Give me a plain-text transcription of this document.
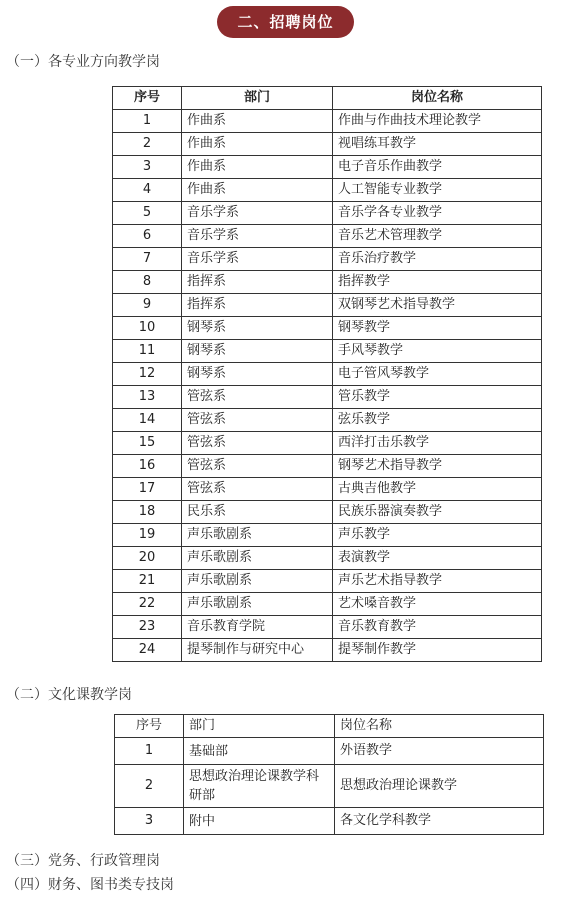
二、招聘岗位
（一）各专业方向教学岗
序号	部门	岗位名称
1	作曲系	作曲与作曲技术理论教学
2	作曲系	视唱练耳教学
3	作曲系	电子音乐作曲教学
4	作曲系	人工智能专业教学
5	音乐学系	音乐学各专业教学
6	音乐学系	音乐艺术管理教学
7	音乐学系	音乐治疗教学
8	指挥系	指挥教学
9	指挥系	双钢琴艺术指导教学
10	钢琴系	钢琴教学
11	钢琴系	手风琴教学
12	钢琴系	电子管风琴教学
13	管弦系	管乐教学
14	管弦系	弦乐教学
15	管弦系	西洋打击乐教学
16	管弦系	钢琴艺术指导教学
17	管弦系	古典吉他教学
18	民乐系	民族乐器演奏教学
19	声乐歌剧系	声乐教学
20	声乐歌剧系	表演教学
21	声乐歌剧系	声乐艺术指导教学
22	声乐歌剧系	艺术嗓音教学
23	音乐教育学院	音乐教育教学
24	提琴制作与研究中心	提琴制作教学
（二）文化课教学岗
序号	部门	岗位名称
1	基础部	外语教学
2	思想政治理论课教学科研部	思想政治理论课教学
3	附中	各文化学科教学
（三）党务、行政管理岗
（四）财务、图书类专技岗
